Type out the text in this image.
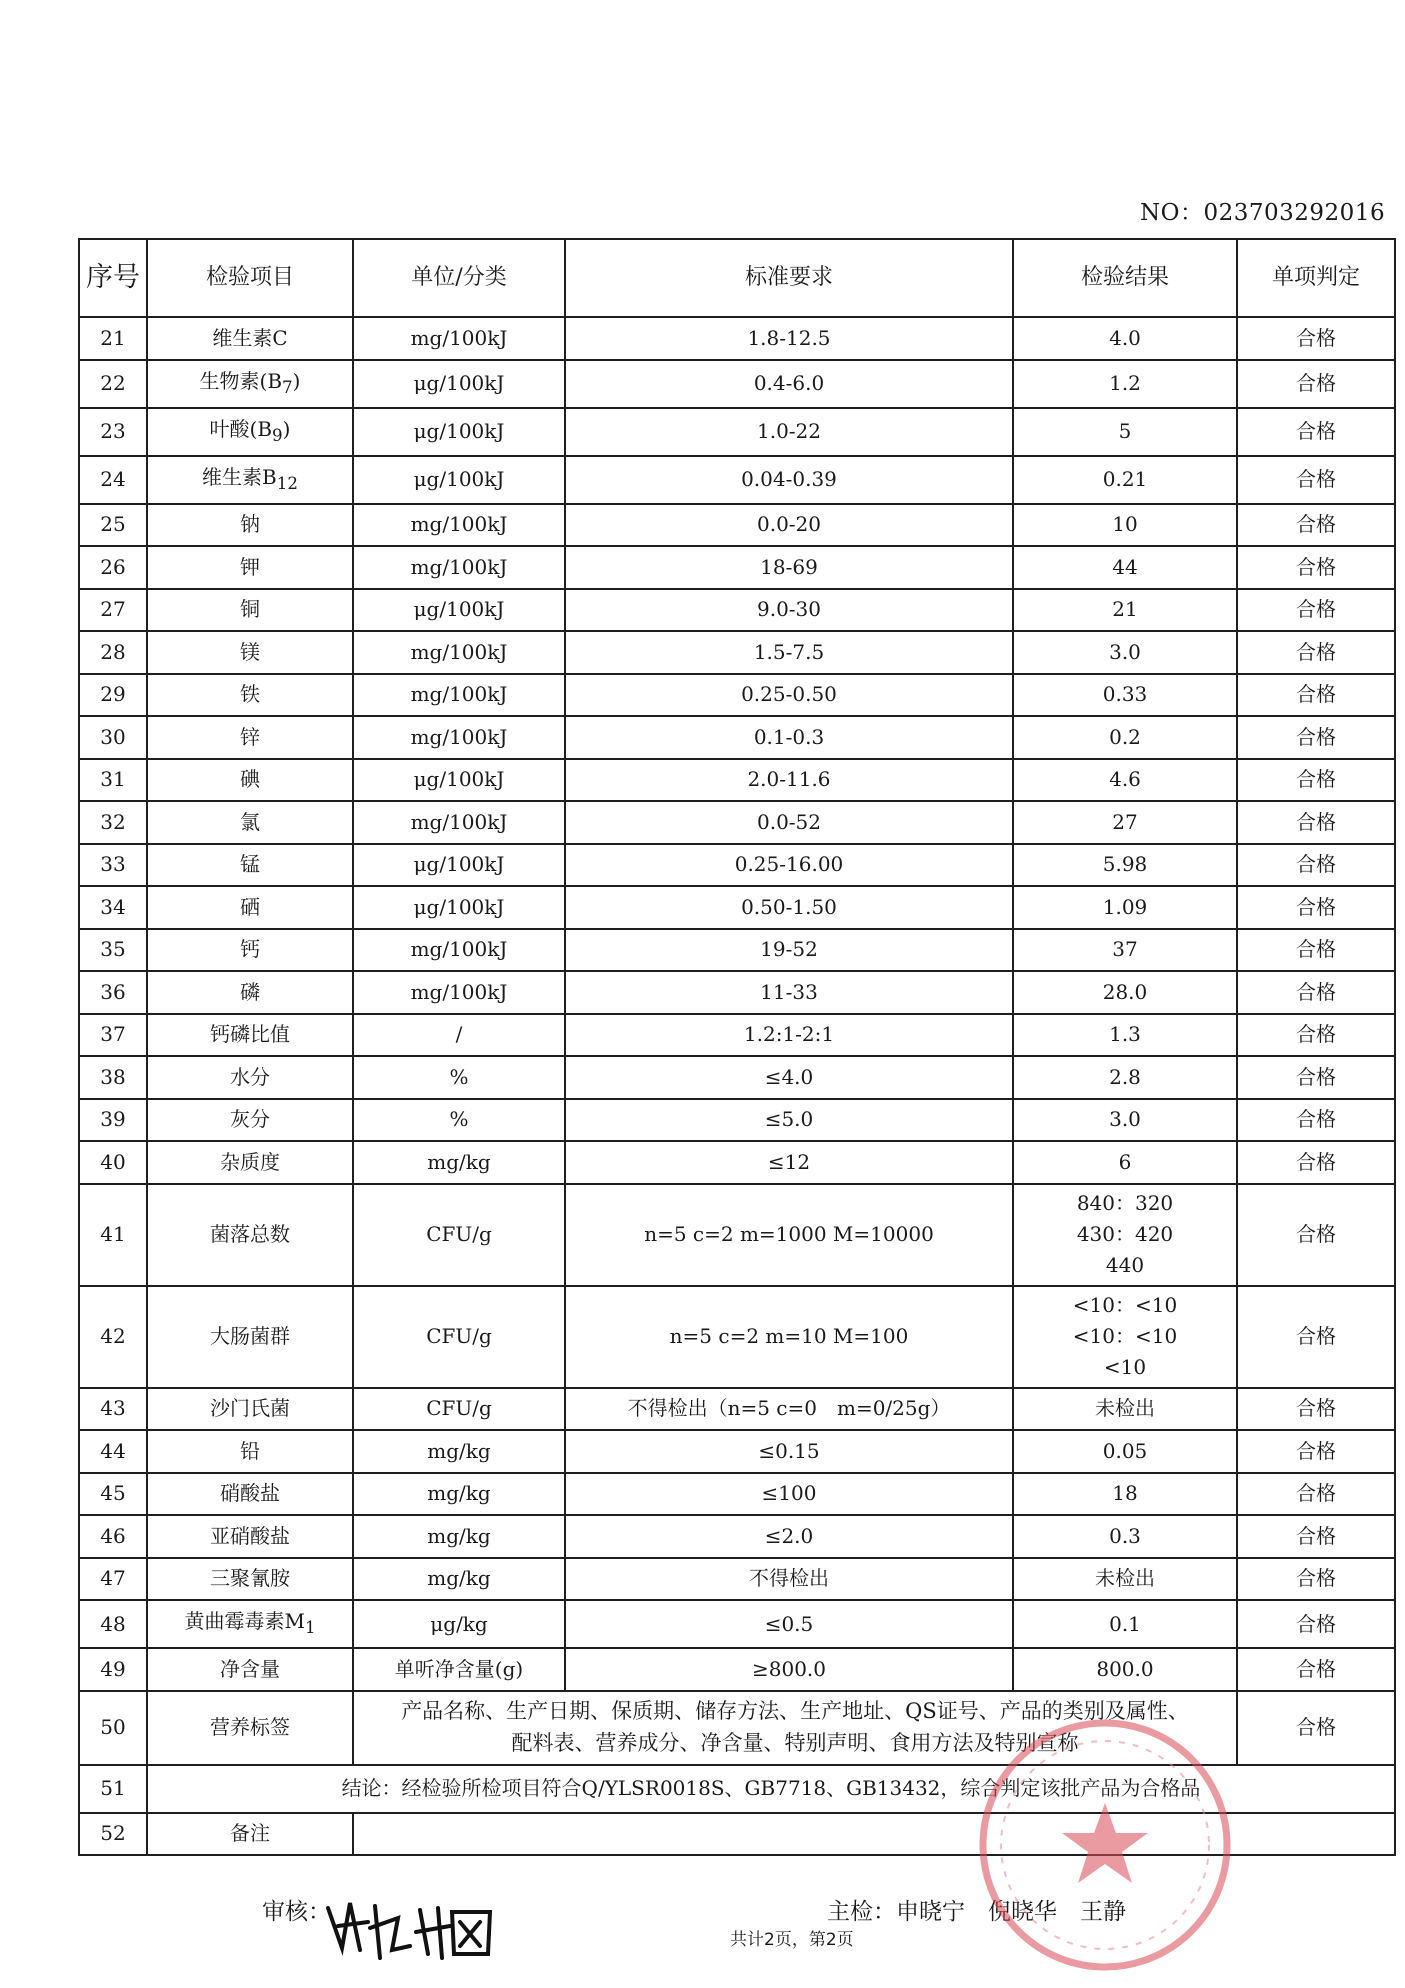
NO：023703292016
序号	检验项目	单位/分类	标准要求	检验结果	单项判定
21	维生素C	mg/100kJ	1.8-12.5	4.0	合格
22	生物素$(B_7)$	μg/100kJ	0.4-6.0	1.2	合格
23	叶酸$(B_9)$	μg/100kJ	1.0-22	5	合格
24	维生素$B_{12}$	μg/100kJ	0.04-0.39	0.21	合格
25	钠	mg/100kJ	0.0-20	10	合格
26	钾	mg/100kJ	18-69	44	合格
27	铜	μg/100kJ	9.0-30	21	合格
28	镁	mg/100kJ	1.5-7.5	3.0	合格
29	铁	mg/100kJ	0.25-0.50	0.33	合格
30	锌	mg/100kJ	0.1-0.3	0.2	合格
31	碘	μg/100kJ	2.0-11.6	4.6	合格
32	氯	mg/100kJ	0.0-52	27	合格
33	锰	μg/100kJ	0.25-16.00	5.98	合格
34	硒	μg/100kJ	0.50-1.50	1.09	合格
35	钙	mg/100kJ	19-52	37	合格
36	磷	mg/100kJ	11-33	28.0	合格
37	钙磷比值	/	1.2:1-2:1	1.3	合格
38	水分	%	≤4.0	2.8	合格
39	灰分	%	≤5.0	3.0	合格
40	杂质度	mg/kg	≤12	6	合格
41	菌落总数	CFU/g	n=5 c=2 m=1000 M=10000	840：320
430：420
440	合格
42	大肠菌群	CFU/g	n=5 c=2 m=10 M=100	<10：<10
<10：<10
<10	合格
43	沙门氏菌	CFU/g	不得检出（n=5 c=0　m=0/25g）	未检出	合格
44	铅	mg/kg	≤0.15	0.05	合格
45	硝酸盐	mg/kg	≤100	18	合格
46	亚硝酸盐	mg/kg	≤2.0	0.3	合格
47	三聚氰胺	mg/kg	不得检出	未检出	合格
48	黄曲霉毒素$M_1$	μg/kg	≤0.5	0.1	合格
49	净含量	单听净含量(g)	≥800.0	800.0	合格
50	营养标签	产品名称、生产日期、保质期、储存方法、生产地址、QS证号、产品的类别及属性、
配料表、营养成分、净含量、特别声明、食用方法及特别宣称			合格
51	结论：经检验所检项目符合Q/YLSR0018S、GB7718、GB13432，综合判定该批产品为合格品				
52	备注				
审核：	主检：申晓宁　倪晓华　王静
共计2页，第2页
